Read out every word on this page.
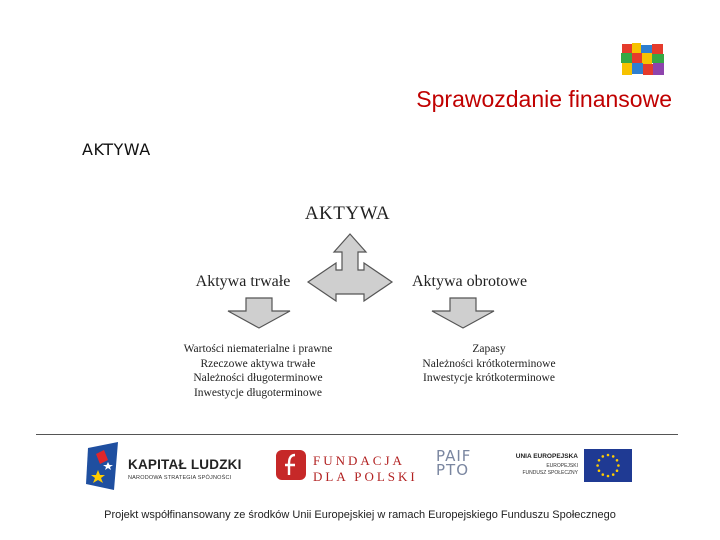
Sprawozdanie finansowe
AKTYWA
AKTYWA
Aktywa trwałe	Aktywa obrotowe
Wartości niematerialne i prawne
Rzeczowe aktywa trwałe
Należności długoterminowe
Inwestycje długoterminowe
Zapasy
Należności krótkoterminowe
Inwestycje krótkoterminowe
KAPITAŁ LUDZKI
NARODOWA STRATEGIA SPÓJNOŚCI
FUNDACJA
DLA POLSKI
PAIF
PTO
UNIA EUROPEJSKA
EUROPEJSKI
FUNDUSZ SPOŁECZNY
Projekt współfinansowany ze środków Unii Europejskiej w ramach Europejskiego Funduszu Społecznego
